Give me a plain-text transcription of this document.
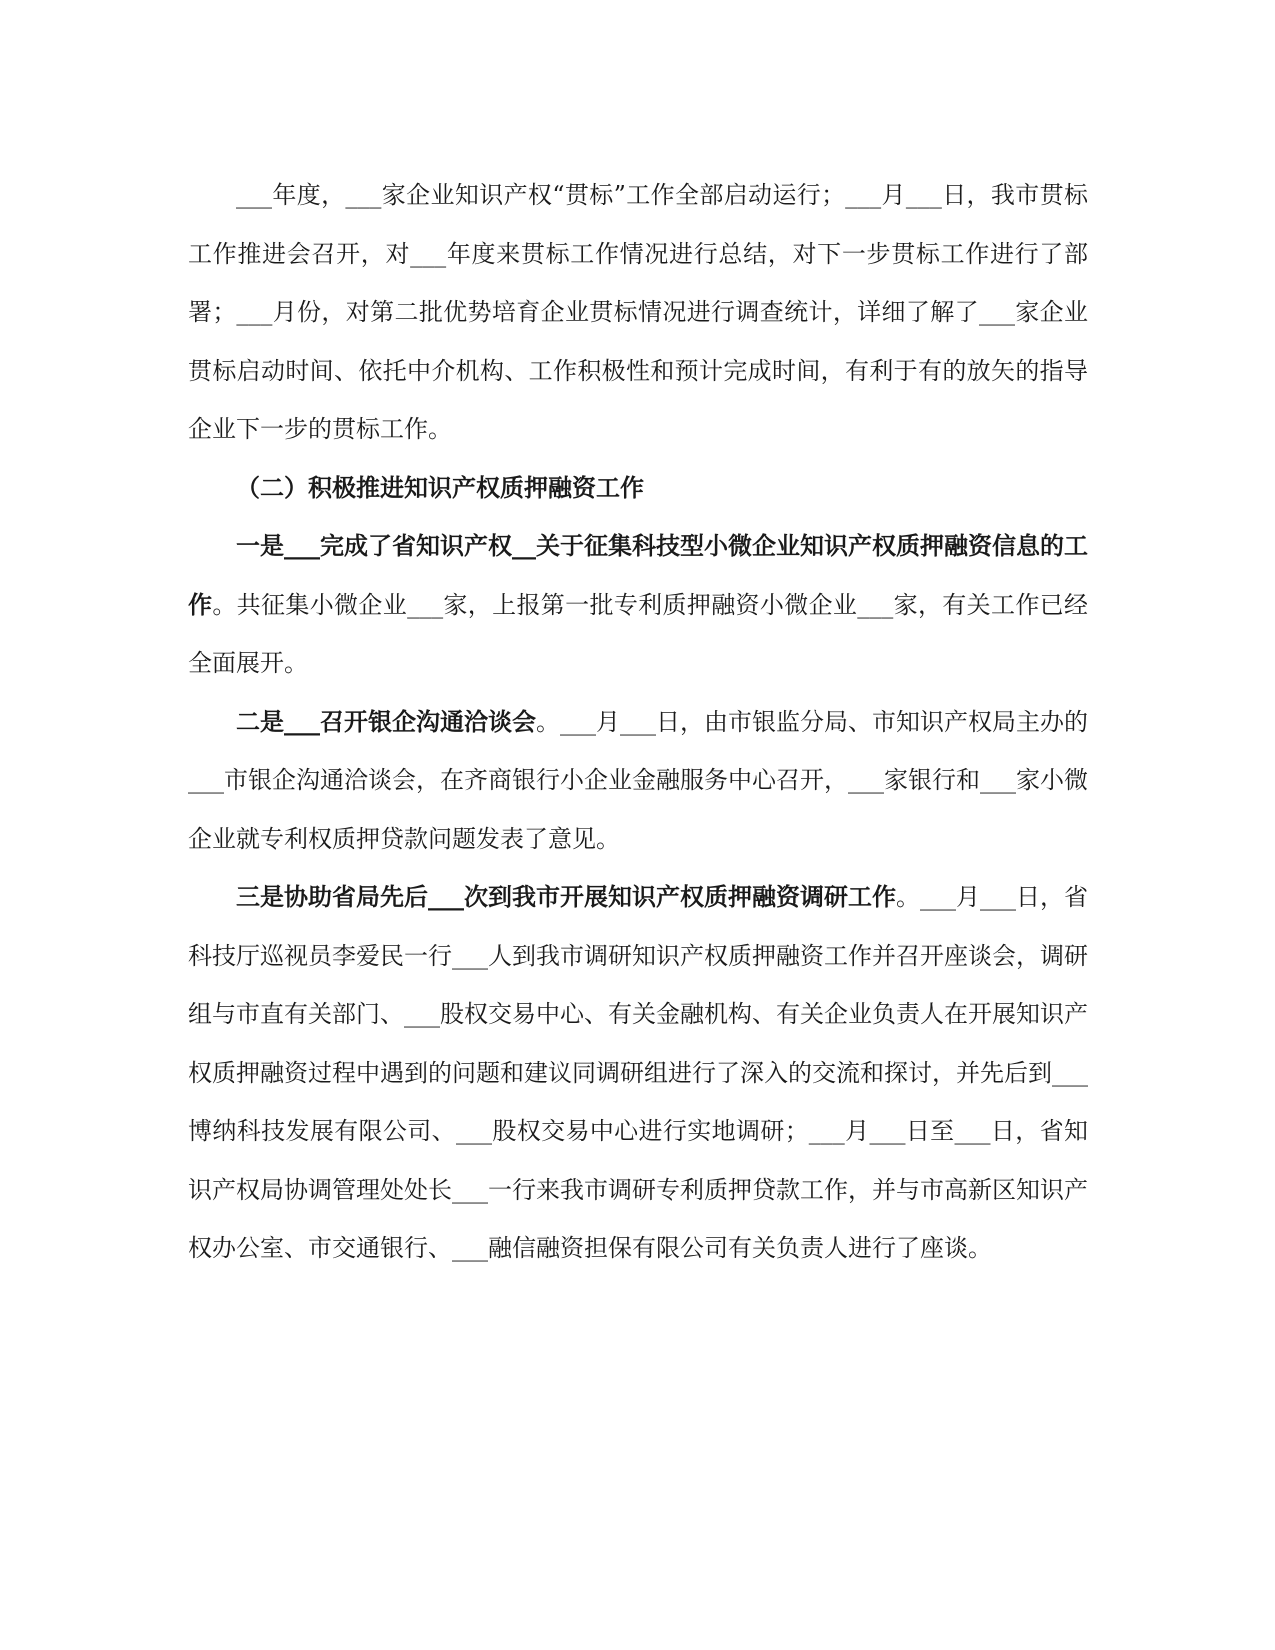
___年度，___家企业知识产权“贯标”工作全部启动运行；___月___日，我市贯标工作推进会召开，对___年度来贯标工作情况进行总结，对下一步贯标工作进行了部署；___月份，对第二批优势培育企业贯标情况进行调查统计，详细了解了___家企业贯标启动时间、依托中介机构、工作积极性和预计完成时间，有利于有的放矢的指导企业下一步的贯标工作。

（二）积极推进知识产权质押融资工作

一是___完成了省知识产权__关于征集科技型小微企业知识产权质押融资信息的工作。共征集小微企业___家，上报第一批专利质押融资小微企业___家，有关工作已经全面展开。

二是___召开银企沟通洽谈会。___月___日，由市银监分局、市知识产权局主办的___市银企沟通洽谈会，在齐商银行小企业金融服务中心召开，___家银行和___家小微企业就专利权质押贷款问题发表了意见。

三是协助省局先后___次到我市开展知识产权质押融资调研工作。___月___日，省科技厅巡视员李爱民一行___人到我市调研知识产权质押融资工作并召开座谈会，调研组与市直有关部门、___股权交易中心、有关金融机构、有关企业负责人在开展知识产权质押融资过程中遇到的问题和建议同调研组进行了深入的交流和探讨，并先后到___博纳科技发展有限公司、___股权交易中心进行实地调研；___月___日至___日，省知识产权局协调管理处处长___一行来我市调研专利质押贷款工作，并与市高新区知识产权办公室、市交通银行、___融信融资担保有限公司有关负责人进行了座谈。
